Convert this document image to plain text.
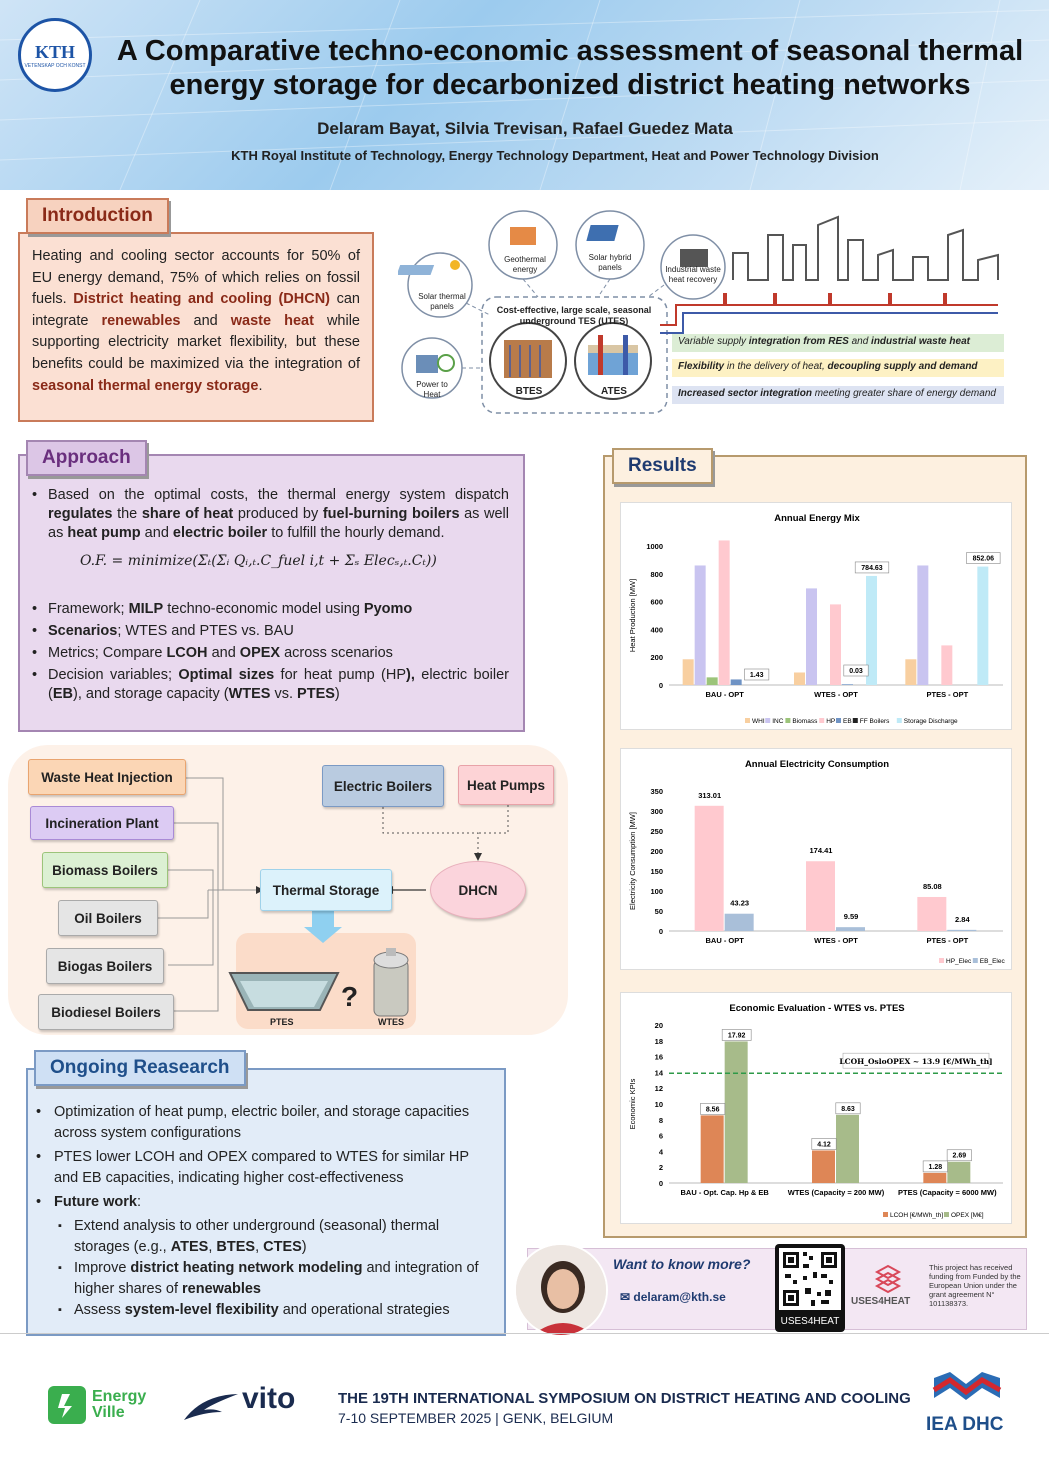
KTH
VETENSKAP OCH KONST	A Comparative techno-economic assessment of seasonal thermal
energy storage for decarbonized district heating networks
Delaram Bayat, Silvia Trevisan, Rafael Guedez Mata
KTH Royal Institute of Technology, Energy Technology Department, Heat and Power Technology Division
Heating and cooling sector accounts for 50% of EU energy demand, 75% of which relies on fossil fuels. District heating and cooling (DHCN) can integrate renewables and waste heat while supporting electricity market flexibility, but these benefits could be maximized via the integration of seasonal thermal energy storage.
Introduction
Geothermal energy
Solar hybrid panels	Industrial waste heat recovery
Solar thermal panels
Power to Heat
Cost-effective, large scale, seasonal
underground TES (UTES)
BTES	ATES
Variable supply integration from RES and industrial waste heat
Flexibility in the delivery of heat, decoupling supply and demand
Increased sector integration meeting greater share of energy demand
• Based on the optimal costs, the thermal energy system dispatch regulates the share of heat produced by fuel-burning boilers as well as heat pump and electric boiler to fulfill the hourly demand.
O.F. = minimize(Σₜ(Σᵢ Qᵢ,ₜ.C_fuel i,t + Σₛ Elecₛ,ₜ.Cₜ))
• Framework; MILP techno-economic model using Pyomo
• Scenarios; WTES and PTES vs. BAU
• Metrics; Compare LCOH and OPEX across scenarios
• Decision variables; Optimal sizes for heat pump (HP), electric boiler (EB), and storage capacity (WTES vs. PTES)
Approach
Waste Heat Injection
Incineration Plant
Biomass Boilers
Oil Boilers
Biogas Boilers
Biodiesel Boilers
Electric Boilers	Heat Pumps
Thermal Storage	DHCN
?
PTES	WTES
• Optimization of heat pump, electric boiler, and storage capacities across system configurations
• PTES lower LCOH and OPEX compared to WTES for similar HP and EB capacities, indicating higher cost-effectiveness
• Future work:
▪ Extend analysis to other underground (seasonal) thermal storages (e.g., ATES, BTES, CTES)
▪ Improve district heating network modeling and integration of higher shares of renewables
▪ Assess system-level flexibility and operational strategies
Ongoing Reasearch
Results
Annual Energy Mix
Heat Production [MW]
0
200
400
600
800
1000
BAU - OPT	WTES - OPT	PTES - OPT
WHI INC Biomass HP EB FF Boilers Storage Discharge
1.43
0.03
784.63
852.06
Annual Electricity Consumption
Electricity Consumption [MW]
0
50
100
150
200
250
300
350
BAU - OPT	WTES - OPT	PTES - OPT
HP_Elec EB_Elec
313.01
174.41
85.08
43.23
9.59	2.84
Economic Evaluation - WTES vs. PTES
Economic KPIs
0
2
4
6
8
10
12
14
16
18
20
BAU - Opt. Cap. Hp & EB	WTES (Capacity = 200 MW) PTES (Capacity = 6000 MW)
LCOH [€/MWh_th] OPEX [M€]
8.56
4.12
1.28
17.92
8.63
2.69
LCOH_OsloOPEX ~ 13.9 [€/MWh_th]
Want to know more?
✉ delaram@kth.se
USES4HEAT
USES4HEAT
This project has received funding from Funded by the European Union under the grant agreement N° 101138373.
Energy
Ville	vito	THE 19TH INTERNATIONAL SYMPOSIUM ON DISTRICT HEATING AND COOLING
7-10 SEPTEMBER 2025 | GENK, BELGIUM	IEA DHC
